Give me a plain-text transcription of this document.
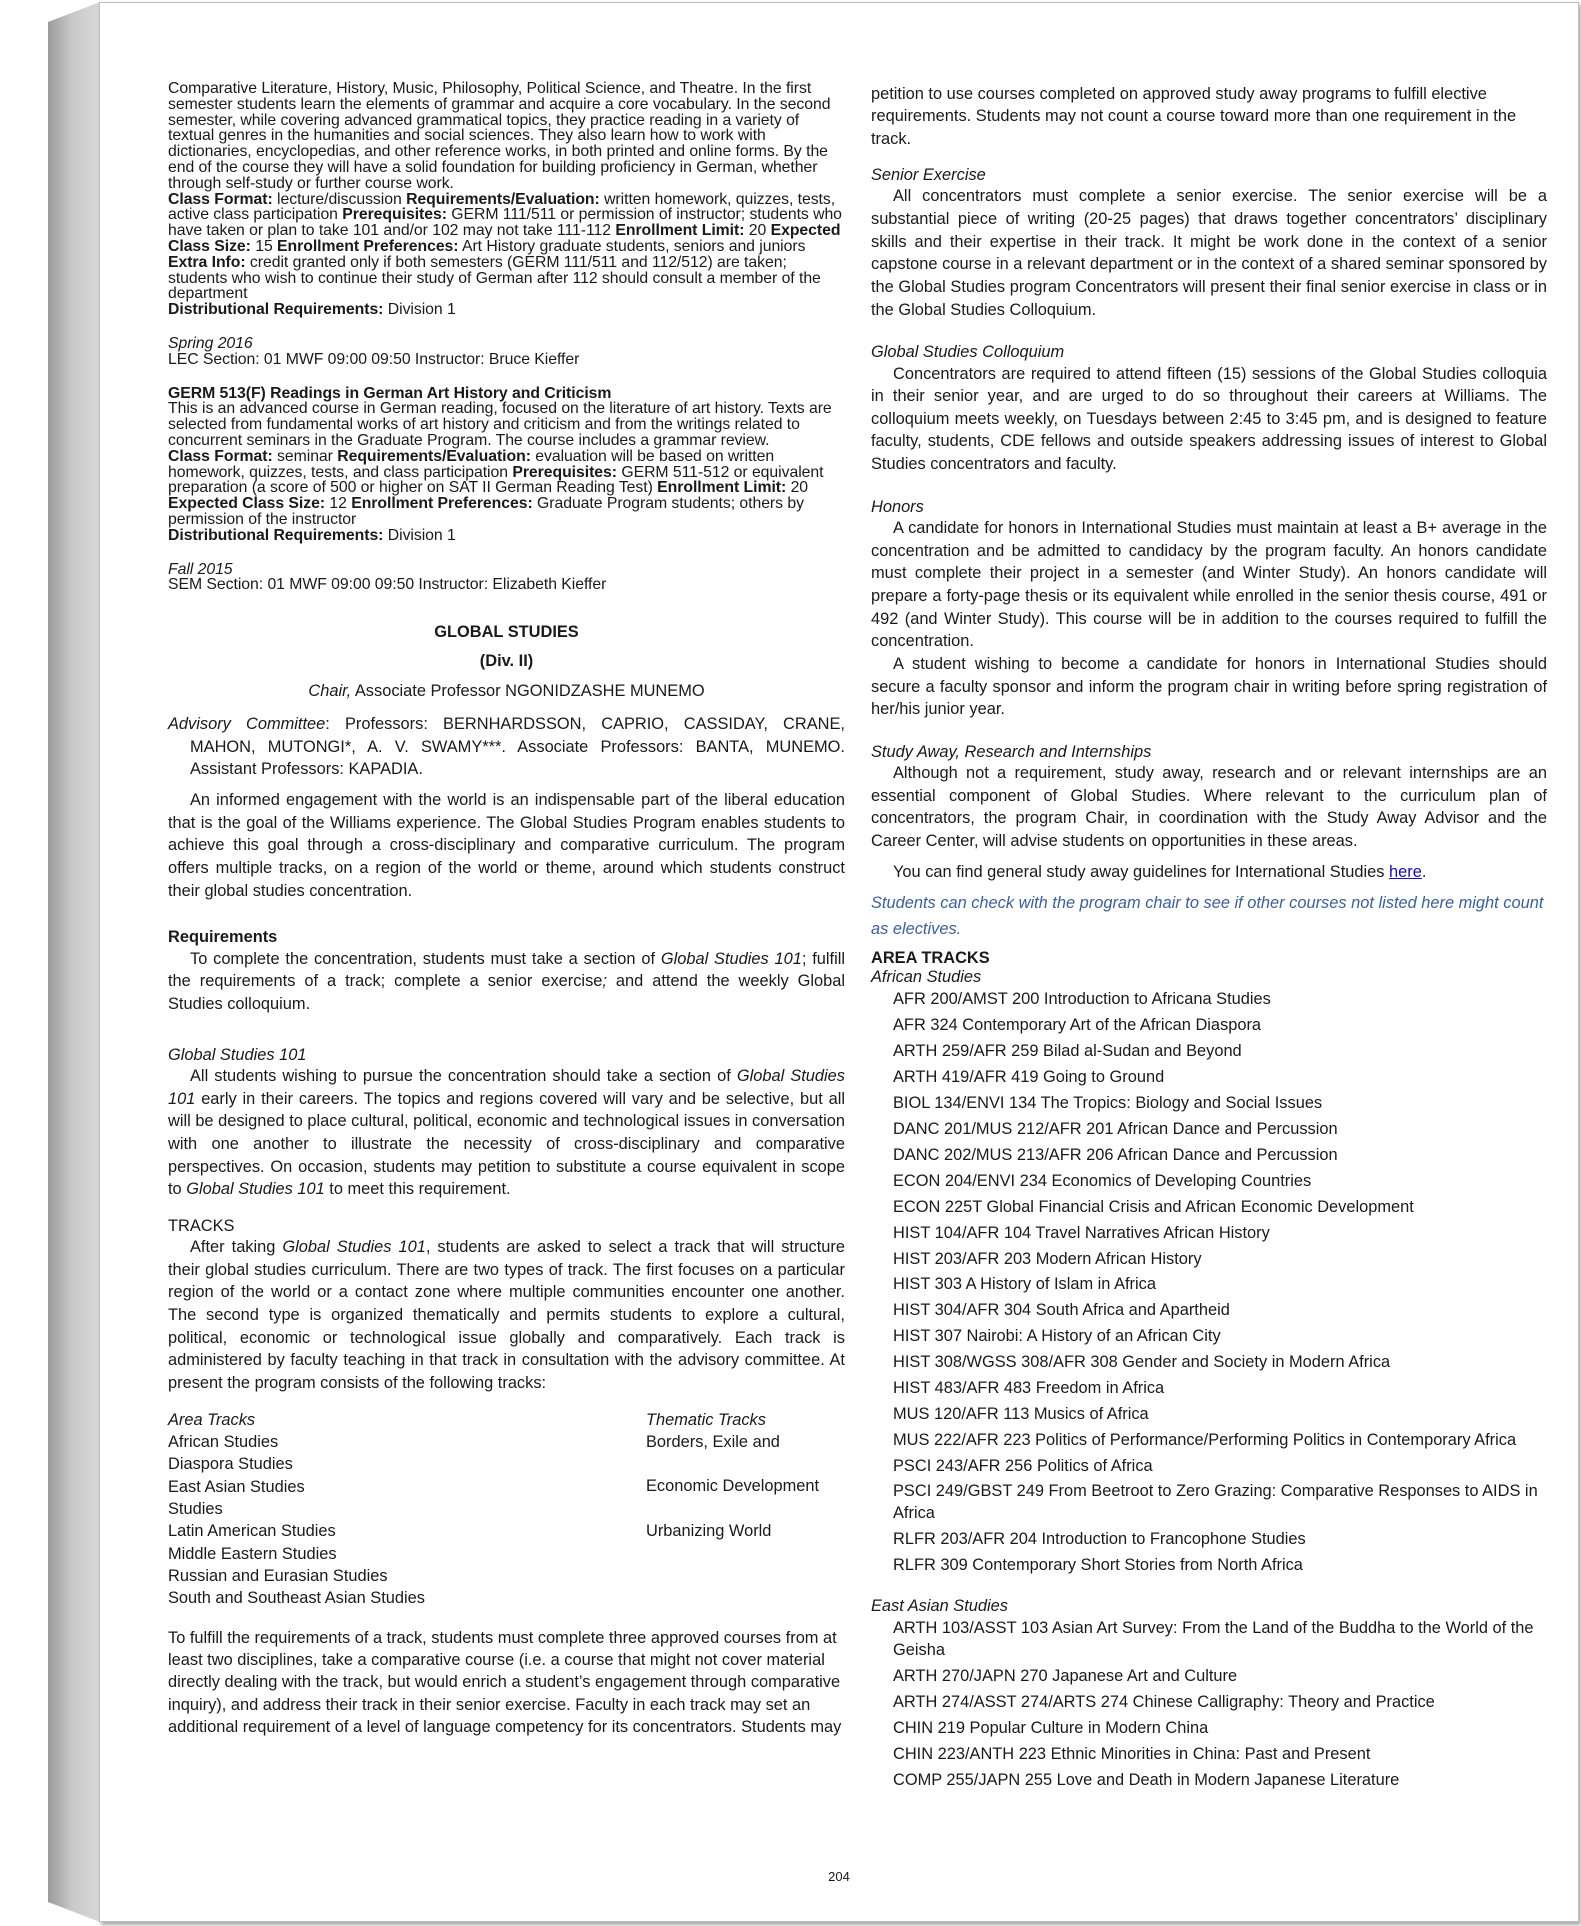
Comparative Literature, History, Music, Philosophy, Political Science, and Theatre. In the first semester students learn the elements of grammar and acquire a core vocabulary. In the second semester, while covering advanced grammatical topics, they practice reading in a variety of textual genres in the humanities and social sciences. They also learn how to work with dictionaries, encyclopedias, and other reference works, in both printed and online forms. By the end of the course they will have a solid foundation for building proficiency in German, whether through self-study or further course work.

Class Format: lecture/discussion Requirements/Evaluation: written homework, quizzes, tests, active class participation Prerequisites: GERM 111/511 or permission of instructor; students who have taken or plan to take 101 and/or 102 may not take 111-112 Enrollment Limit: 20 Expected Class Size: 15 Enrollment Preferences: Art History graduate students, seniors and juniors Extra Info: credit granted only if both semesters (GERM 111/511 and 112/512) are taken; students who wish to continue their study of German after 112 should consult a member of the department
Distributional Requirements: Division 1

Spring 2016

LEC Section: 01 MWF 09:00 09:50 Instructor: Bruce Kieffer

GERM 513(F) Readings in German Art History and Criticism

This is an advanced course in German reading, focused on the literature of art history. Texts are selected from fundamental works of art history and criticism and from the writings related to concurrent seminars in the Graduate Program. The course includes a grammar review.

Class Format: seminar Requirements/Evaluation: evaluation will be based on written homework, quizzes, tests, and class participation Prerequisites: GERM 511-512 or equivalent preparation (a score of 500 or higher on SAT II German Reading Test) Enrollment Limit: 20 Expected Class Size: 12 Enrollment Preferences: Graduate Program students; others by permission of the instructor
Distributional Requirements: Division 1

Fall 2015

SEM Section: 01 MWF 09:00 09:50 Instructor: Elizabeth Kieffer

GLOBAL STUDIES

(Div. II)

Chair, Associate Professor NGONIDZASHE MUNEMO

Advisory Committee: Professors: BERNHARDSSON, CAPRIO, CASSIDAY, CRANE, MAHON, MUTONGI*, A. V. SWAMY***. Associate Professors: BANTA, MUNEMO. Assistant Professors: KAPADIA.

An informed engagement with the world is an indispensable part of the liberal education that is the goal of the Williams experience. The Global Studies Program enables students to achieve this goal through a cross-disciplinary and comparative curriculum. The program offers multiple tracks, on a region of the world or theme, around which students construct their global studies concentration.

Requirements

To complete the concentration, students must take a section of Global Studies 101; fulfill the requirements of a track; complete a senior exercise; and attend the weekly Global Studies colloquium.

Global Studies 101

All students wishing to pursue the concentration should take a section of Global Studies 101 early in their careers. The topics and regions covered will vary and be selective, but all will be designed to place cultural, political, economic and technological issues in conversation with one another to illustrate the necessity of cross-disciplinary and comparative perspectives. On occasion, students may petition to substitute a course equivalent in scope to Global Studies 101 to meet this requirement.

TRACKS

After taking Global Studies 101, students are asked to select a track that will structure their global studies curriculum. There are two types of track. The first focuses on a particular region of the world or a contact zone where multiple communities encounter one another. The second type is organized thematically and permits students to explore a cultural, political, economic or technological issue globally and comparatively. Each track is administered by faculty teaching in that track in consultation with the advisory committee. At present the program consists of the following tracks:

Area Tracks
African Studies
Diaspora Studies
East Asian Studies
Studies
Latin American Studies
Middle Eastern Studies
Russian and Eurasian Studies
South and Southeast Asian Studies
Thematic Tracks
Borders, Exile and
Economic Development
Urbanizing World

To fulfill the requirements of a track, students must complete three approved courses from at least two disciplines, take a comparative course (i.e. a course that might not cover material directly dealing with the track, but would enrich a student’s engagement through comparative inquiry), and address their track in their senior exercise. Faculty in each track may set an additional requirement of a level of language competency for its concentrators. Students may

petition to use courses completed on approved study away programs to fulfill elective requirements. Students may not count a course toward more than one requirement in the track.

Senior Exercise

All concentrators must complete a senior exercise. The senior exercise will be a substantial piece of writing (20-25 pages) that draws together concentrators’ disciplinary skills and their expertise in their track. It might be work done in the context of a senior capstone course in a relevant department or in the context of a shared seminar sponsored by the Global Studies program Concentrators will present their final senior exercise in class or in the Global Studies Colloquium.

Global Studies Colloquium

Concentrators are required to attend fifteen (15) sessions of the Global Studies colloquia in their senior year, and are urged to do so throughout their careers at Williams. The colloquium meets weekly, on Tuesdays between 2:45 to 3:45 pm, and is designed to feature faculty, students, CDE fellows and outside speakers addressing issues of interest to Global Studies concentrators and faculty.

Honors

A candidate for honors in International Studies must maintain at least a B+ average in the concentration and be admitted to candidacy by the program faculty. An honors candidate must complete their project in a semester (and Winter Study). An honors candidate will prepare a forty-page thesis or its equivalent while enrolled in the senior thesis course, 491 or 492 (and Winter Study). This course will be in addition to the courses required to fulfill the concentration.

A student wishing to become a candidate for honors in International Studies should secure a faculty sponsor and inform the program chair in writing before spring registration of her/his junior year.

Study Away, Research and Internships

Although not a requirement, study away, research and or relevant internships are an essential component of Global Studies. Where relevant to the curriculum plan of concentrators, the program Chair, in coordination with the Study Away Advisor and the Career Center, will advise students on opportunities in these areas.

You can find general study away guidelines for International Studies here.

Students can check with the program chair to see if other courses not listed here might count as electives.

AREA TRACKS

African Studies

AFR 200/AMST 200 Introduction to Africana Studies
AFR 324 Contemporary Art of the African Diaspora
ARTH 259/AFR 259 Bilad al-Sudan and Beyond
ARTH 419/AFR 419 Going to Ground
BIOL 134/ENVI 134 The Tropics: Biology and Social Issues
DANC 201/MUS 212/AFR 201 African Dance and Percussion
DANC 202/MUS 213/AFR 206 African Dance and Percussion
ECON 204/ENVI 234 Economics of Developing Countries
ECON 225T Global Financial Crisis and African Economic Development
HIST 104/AFR 104 Travel Narratives African History
HIST 203/AFR 203 Modern African History
HIST 303 A History of Islam in Africa
HIST 304/AFR 304 South Africa and Apartheid
HIST 307 Nairobi: A History of an African City
HIST 308/WGSS 308/AFR 308 Gender and Society in Modern Africa
HIST 483/AFR 483 Freedom in Africa
MUS 120/AFR 113 Musics of Africa
MUS 222/AFR 223 Politics of Performance/Performing Politics in Contemporary Africa
PSCI 243/AFR 256 Politics of Africa
PSCI 249/GBST 249 From Beetroot to Zero Grazing: Comparative Responses to AIDS in Africa
RLFR 203/AFR 204 Introduction to Francophone Studies
RLFR 309 Contemporary Short Stories from North Africa

East Asian Studies

ARTH 103/ASST 103 Asian Art Survey: From the Land of the Buddha to the World of the Geisha
ARTH 270/JAPN 270 Japanese Art and Culture
ARTH 274/ASST 274/ARTS 274 Chinese Calligraphy: Theory and Practice
CHIN 219 Popular Culture in Modern China
CHIN 223/ANTH 223 Ethnic Minorities in China: Past and Present
COMP 255/JAPN 255 Love and Death in Modern Japanese Literature
204
